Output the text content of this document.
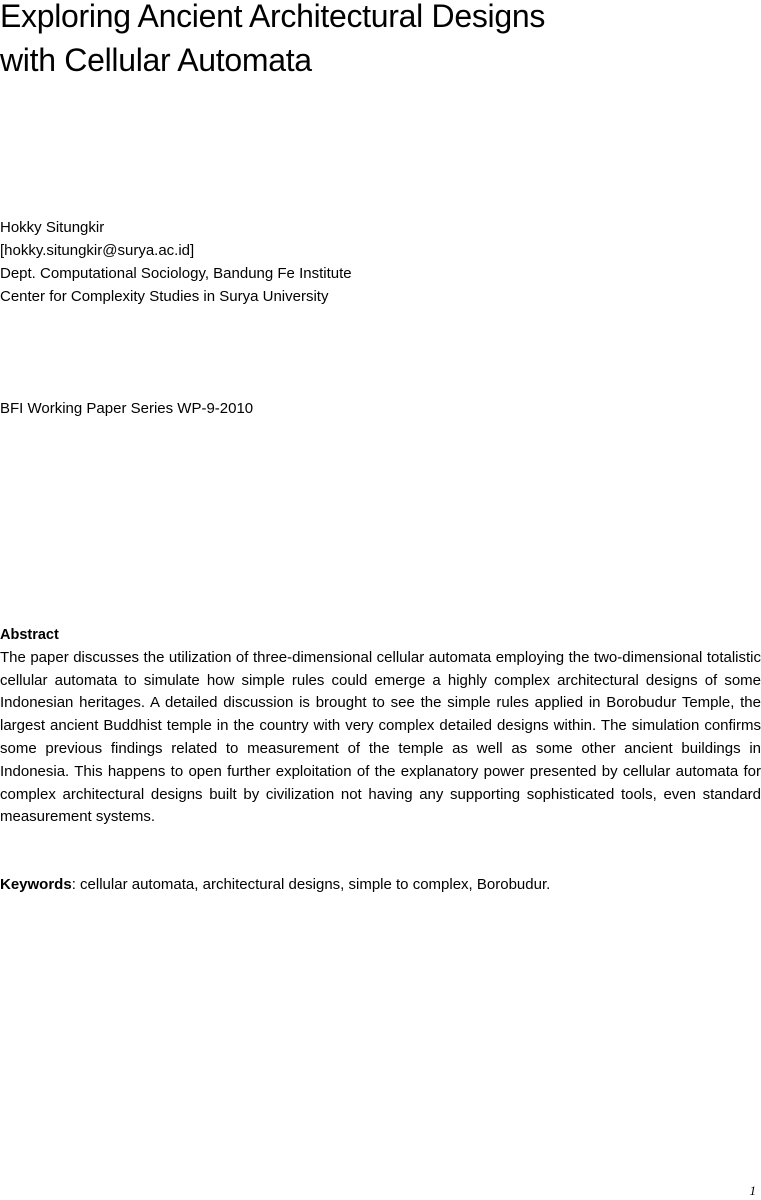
Exploring Ancient Architectural Designs
with Cellular Automata
Hokky Situngkir
[hokky.situngkir@surya.ac.id]
Dept. Computational Sociology, Bandung Fe Institute
Center for Complexity Studies in Surya University
BFI Working Paper Series WP-9-2010
Abstract

The paper discusses the utilization of three-dimensional cellular automata employing the two-dimensional totalistic cellular automata to simulate how simple rules could emerge a highly complex architectural designs of some Indonesian heritages. A detailed discussion is brought to see the simple rules applied in Borobudur Temple, the largest ancient Buddhist temple in the country with very complex detailed designs within. The simulation confirms some previous findings related to measurement of the temple as well as some other ancient buildings in Indonesia. This happens to open further exploitation of the explanatory power presented by cellular automata for complex architectural designs built by civilization not having any supporting sophisticated tools, even standard measurement systems.

Keywords: cellular automata, architectural designs, simple to complex, Borobudur.
1
